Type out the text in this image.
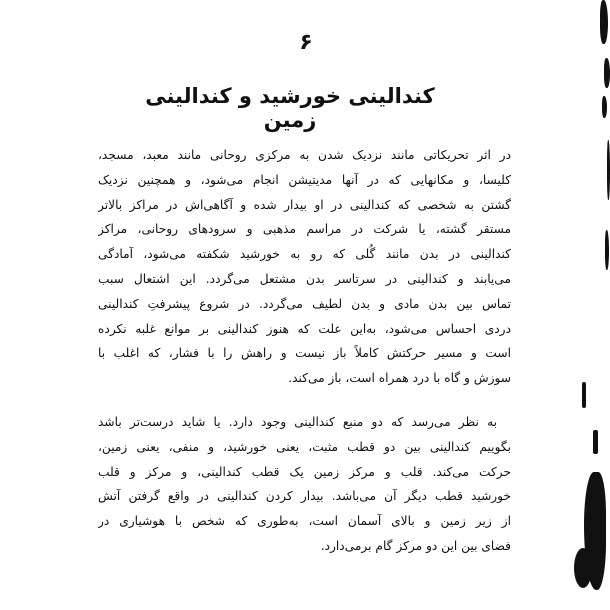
۶
کندالینی خورشید و کندالینی زمین
در اثر تحریکاتی مانند نزدیک شدن به مرکزی روحانی مانند معبد، مسجد،
کلیسا، و مکانهایی که در آنها مدیتیشن انجام می‌شود، و همچنین نزدیک
گشتن به شخصی که کندالینی در او بیدار شده و آگاهی‌اش در مراکز بالاتر
مستقر گشته، یا شرکت در مراسم مذهبی و سرودهای روحانی، مراکز
کندالینی در بدن مانند گُلی که رو به خورشید شکفته می‌شود، آمادگی
می‌یابند و کندالینی در سرتاسر بدن مشتعل می‌گردد. این اشتعال سبب
تماس بین بدن مادی و بدن لطیف می‌گردد. در شروع پیشرفتِ کندالینی
دردی احساس می‌شود، به‌این علت که هنوز کندالینی بر موانع غلبه نکرده
است و مسیر حرکتش کاملاً باز نیست و راهش را با فشار، که اغلب با
سوزش و گاه با درد همراه است، باز می‌کند.
به نظر می‌رسد که دو منبع کندالینی وجود دارد. یا شاید درست‌تر باشد
بگوییم کندالینی بین دو قطب مثبت، یعنی خورشید، و منفی، یعنی زمین،
حرکت می‌کند. قلب و مرکز زمین یک قطب کندالینی، و مرکز و قلب
خورشید قطب دیگر آن می‌باشد. بیدار کردن کندالینی در واقع گرفتن آتش
از زیر زمین و بالای آسمان است، به‌طوری که شخص با هوشیاری در
فضای بین این دو مرکز گام برمی‌دارد.
